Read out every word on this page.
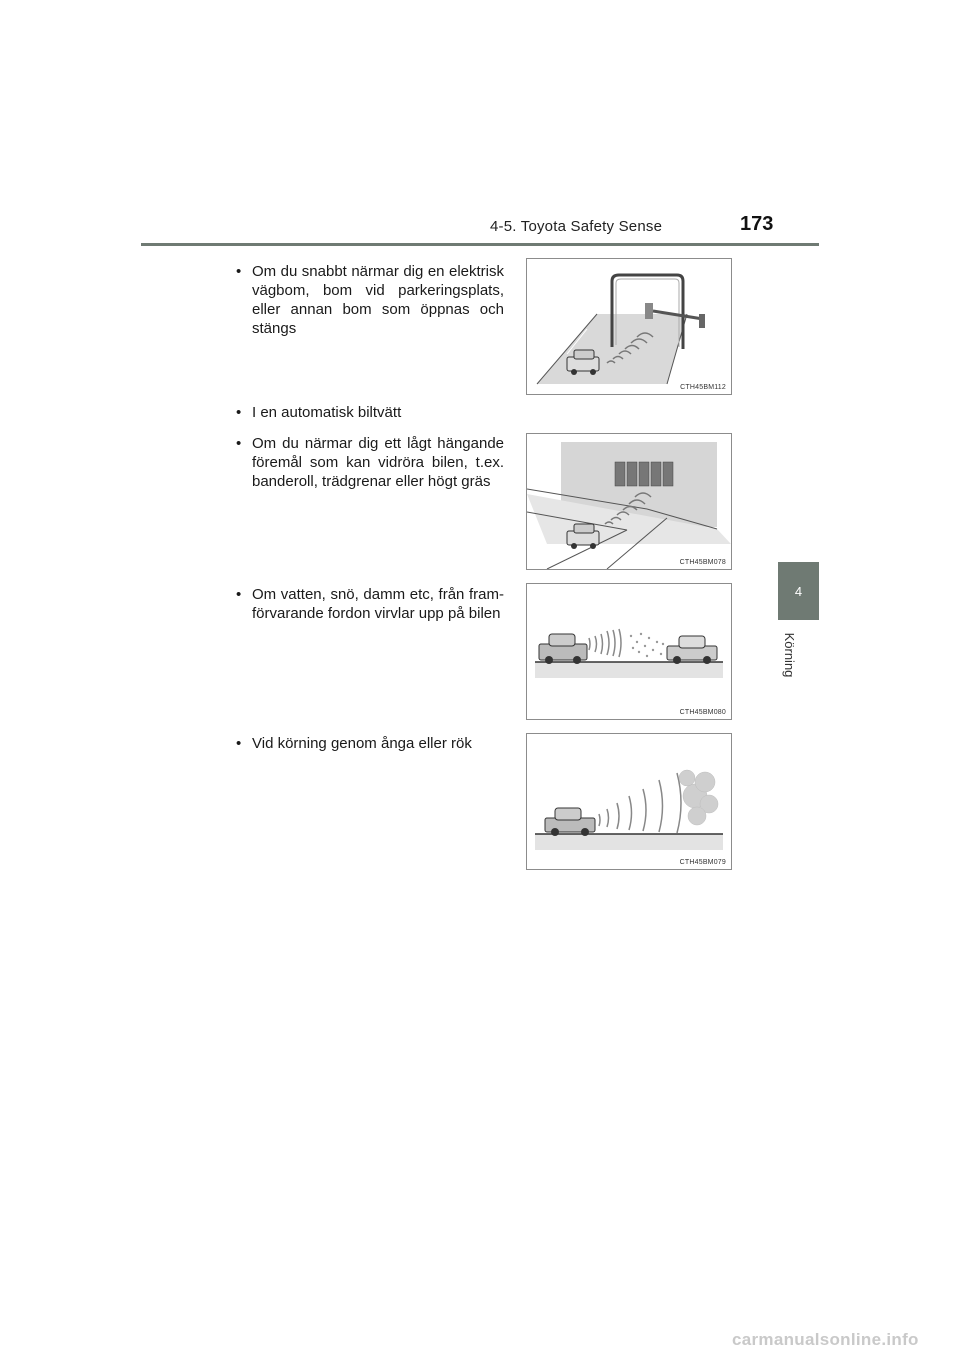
4-5. Toyota Safety Sense	173
4
Körning
• Om du snabbt närmar dig en elektrisk vägbom, bom vid parkeringsplats, eller annan bom som öppnas och stängs
• I en automatisk biltvätt
• Om du närmar dig ett lågt hängande föremål som kan vidröra bilen, t.ex. banderoll, trädgrenar eller högt gräs
• Om vatten, snö, damm etc, från fram-förvarande fordon virvlar upp på bilen
• Vid körning genom ånga eller rök
CTH45BM112
CTH45BM078
CTH45BM080
CTH45BM079
carmanualsonline.info
